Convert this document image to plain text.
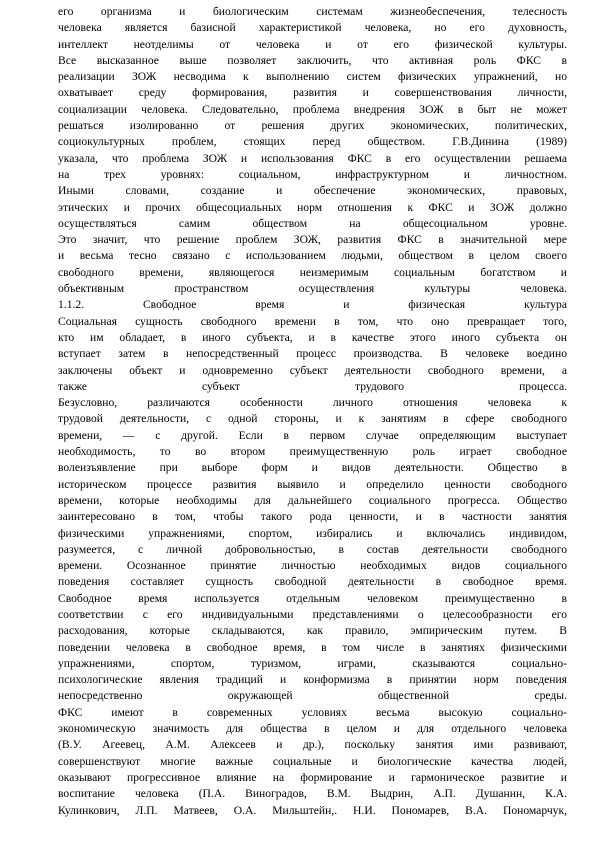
его организма и биологическим системам жизнеобеспечения, телесность
человека является базисной характеристикой человека, но его духовность,
интеллект неотделимы от человека и от его физической культуры.
Все высказанное выше позволяет заключить, что активная роль ФКС в
реализации ЗОЖ несводима к выполнению систем физических упражнений, но
охватывает среду формирования, развития и совершенствования личности,
социализации человека. Следовательно, проблема внедрения ЗОЖ в быт не может
решаться изолированно от решения других экономических, политических,
социокультурных проблем, стоящих перед обществом. Г.В.Динина (1989)
указала, что проблема ЗОЖ и использования ФКС в его осуществлении решаема
на трех уровнях: социальном, инфраструктурном и личностном.
Иными словами, создание и обеспечение экономических, правовых,
этических и прочих общесоциальных норм отношения к ФКС и ЗОЖ должно
осуществляться самим обществом на общесоциальном уровне.
Это значит, что решение проблем ЗОЖ, развития ФКС в значительной мере
и весьма тесно связано с использованием людьми, обществом в целом своего
свободного времени, являющегося неизмеримым социальным богатством и
объективным пространством осуществления культуры человека.
1.1.2. Свободное время и физическая культура
Социальная сущность свободного времени в том, что оно превращает того,
кто им обладает, в иного субъекта, и в качестве этого иного субъекта он
вступает затем в непосредственный процесс производства. В человеке воедино
заключены объект и одновременно субъект деятельности свободного времени, а
также субъект трудового процесса.
Безусловно, различаются особенности личного отношения человека к
трудовой деятельности, с одной стороны, и к занятиям в сфере свободного
времени, — с другой. Если в первом случае определяющим выступает
необходимость, то во втором преимущественную роль играет свободное
волеизъявление при выборе форм и видов деятельности. Общество в
историческом процессе развития выявило и определило ценности свободного
времени, которые необходимы для дальнейшего социального прогресса. Общество
заинтересовано в том, чтобы такого рода ценности, и в частности занятия
физическими упражнениями, спортом, избирались и включались индивидом,
разумеется, с личной добровольностью, в состав деятельности свободного
времени. Осознанное принятие личностью необходимых видов социального
поведения составляет сущность свободной деятельности в свободное время.
Свободное время используется отдельным человеком преимущественно в
соответствии с его индивидуальными представлениями о целесообразности его
расходования, которые складываются, как правило, эмпирическим путем. В
поведении человека в свободное время, в том числе в занятиях физическими
упражнениями, спортом, туризмом, играми, сказываются социально-
психологические явления традиций и конформизма в принятии норм поведения
непосредственно окружающей общественной среды.
ФКС имеют в современных условиях весьма высокую социально-
экономическую значимость для общества в целом и для отдельного человека
(В.У. Агеевец, А.М. Алексеев и др.), поскольку занятия ими развивают,
совершенствуют многие важные социальные и биологические качества людей,
оказывают прогрессивное влияние на формирование и гармоническое развитие и
воспитание человека (П.А. Виноградов, В.М. Выдрин, А.П. Душанин, К.А.
Кулинкович, Л.П. Матвеев, О.А. Мильштейн,. Н.И. Пономарев, В.А. Пономарчук,
